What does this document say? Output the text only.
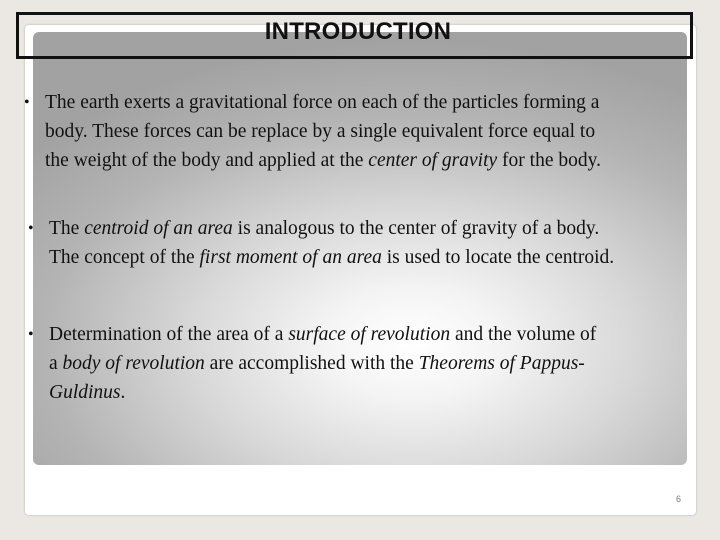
INTRODUCTION
• The earth exerts a gravitational force on each of the particles forming a
body. These forces can be replace by a single equivalent force equal to
the weight of the body and applied at the center of gravity for the body.
• The centroid of an area is analogous to the center of gravity of a body.
The concept of the first moment of an area is used to locate the centroid.
• Determination of the area of a surface of revolution and the volume of
a body of revolution are accomplished with the Theorems of Pappus-
Guldinus.
6
